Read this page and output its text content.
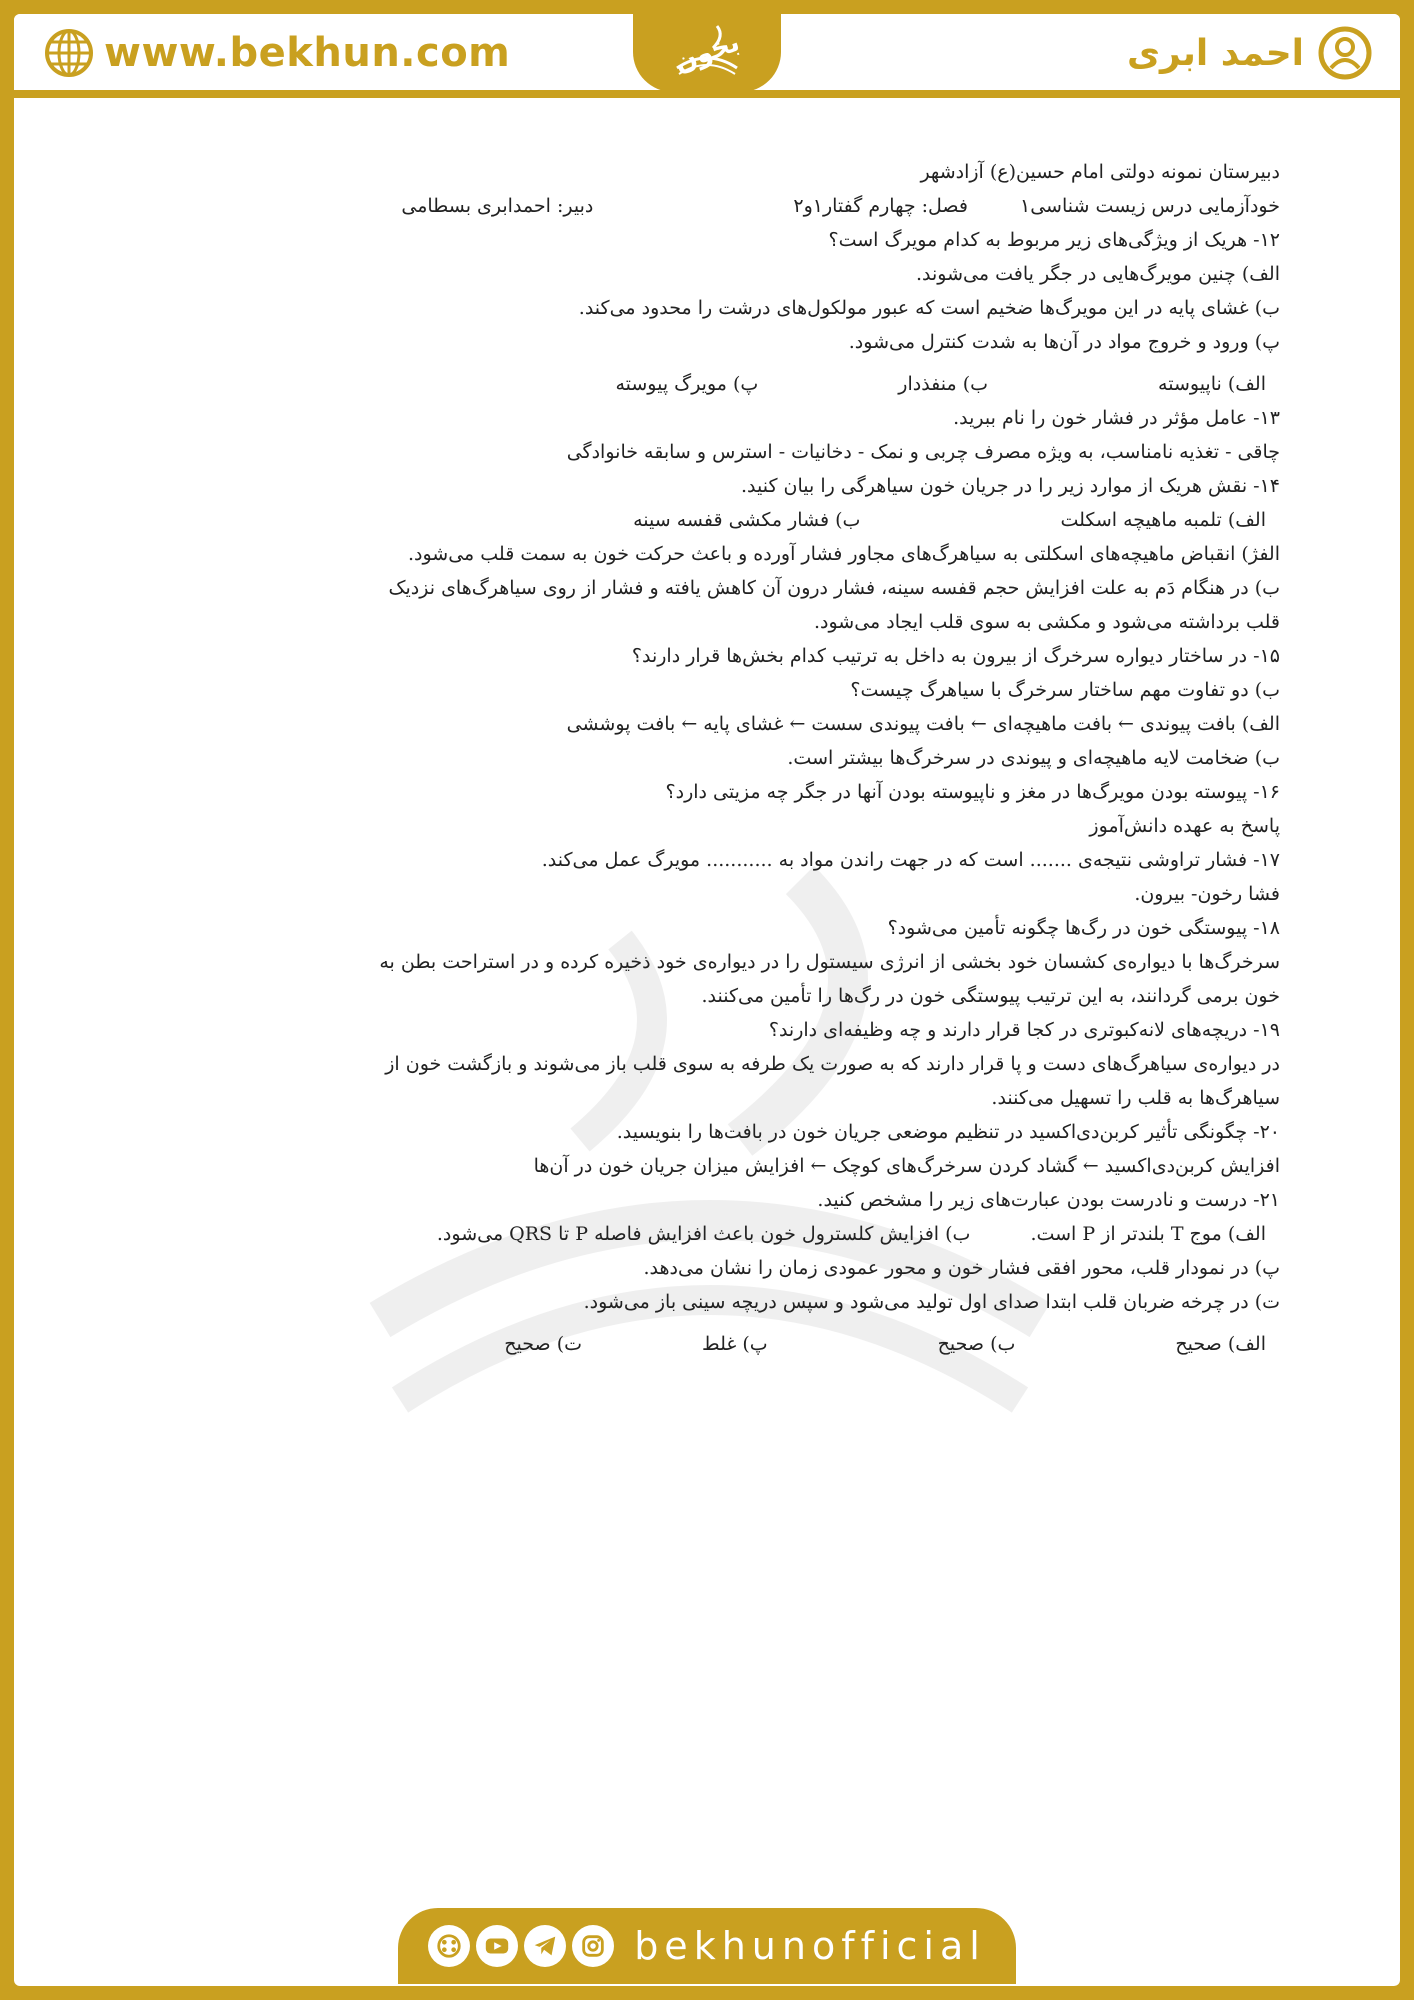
www.bekhun.com	احمد ابری
بخون

دبیرستان نمونه دولتی امام حسین(ع) آزادشهر

خودآزمایی درس زیست شناسی۱
فصل: چهارم گفتار۱و۲
دبیر: احمدابری بسطامی

۱۲- هریک از ویژگی‌های زیر مربوط به کدام مویرگ است؟

الف) چنین مویرگ‌هایی در جگر یافت می‌شوند.

ب) غشای پایه در این مویرگ‌ها ضخیم است که عبور مولکول‌های درشت را محدود می‌کند.

پ) ورود و خروج مواد در آن‌ها به شدت کنترل می‌شود.

الف) ناپیوسته
ب) منفذدار
پ) مویرگ پیوسته

۱۳- عامل مؤثر در فشار خون را نام ببرید.

چاقی - تغذیه نامناسب، به ویژه مصرف چربی و نمک - دخانیات - استرس و سابقه خانوادگی

۱۴- نقش هریک از موارد زیر را در جریان خون سیاهرگی را بیان کنید.

الف) تلمبه ماهیچه اسکلت
ب) فشار مکشی قفسه سینه

الفژ) انقباض ماهیچه‌های اسکلتی به سیاهرگ‌های مجاور فشار آورده و باعث حرکت خون به سمت قلب می‌شود.

ب) در هنگام دَم به علت افزایش حجم قفسه سینه، فشار درون آن کاهش یافته و فشار از روی سیاهرگ‌های نزدیک

قلب برداشته می‌شود و مکشی به سوی قلب ایجاد می‌شود.

۱۵- در ساختار دیواره سرخرگ از بیرون به داخل به ترتیب کدام بخش‌ها قرار دارند؟

ب) دو تفاوت مهم ساختار سرخرگ با سیاهرگ چیست؟

الف) بافت پیوندی ← بافت ماهیچه‌ای ← بافت پیوندی سست ← غشای پایه ← بافت پوششی

ب) ضخامت لایه ماهیچه‌ای و پیوندی در سرخرگ‌ها بیشتر است.

۱۶- پیوسته بودن مویرگ‌ها در مغز و ناپیوسته بودن آنها در جگر چه مزیتی دارد؟

پاسخ به عهده دانش‌آموز

۱۷- فشار تراوشی نتیجه‌ی ....... است که در جهت راندن مواد به ........... مویرگ عمل می‌کند.

فشا رخون- بیرون.

۱۸- پیوستگی خون در رگ‌ها چگونه تأمین می‌شود؟

سرخرگ‌ها با دیواره‌ی کشسان خود بخشی از انرژی سیستول را در دیواره‌ی خود ذخیره کرده و در استراحت بطن به

خون برمی گردانند، به این ترتیب پیوستگی خون در رگ‌ها را تأمین می‌کنند.

۱۹- دریچه‌های لانه‌کبوتری در کجا قرار دارند و چه وظیفه‌ای دارند؟

در دیواره‌ی سیاهرگ‌های دست و پا قرار دارند که به صورت یک طرفه به سوی قلب باز می‌شوند و بازگشت خون از

سیاهرگ‌ها به قلب را تسهیل می‌کنند.

۲۰- چگونگی تأثیر کربن‌دی‌اکسید در تنظیم موضعی جریان خون در بافت‌ها را بنویسید.

افزایش کربن‌دی‌اکسید ← گشاد کردن سرخرگ‌های کوچک ← افزایش میزان جریان خون در آن‌ها

۲۱- درست و نادرست بودن عبارت‌های زیر را مشخص کنید.

الف) موج T بلندتر از P است.
ب) افزایش کلسترول خون باعث افزایش فاصله P تا QRS می‌شود.

پ) در نمودار قلب، محور افقی فشار خون و محور عمودی زمان را نشان می‌دهد.

ت) در چرخه ضربان قلب ابتدا صدای اول تولید می‌شود و سپس دریچه سینی باز می‌شود.

الف) صحیح
ب) صحیح
پ) غلط
ت) صحیح
bekhunofficial
